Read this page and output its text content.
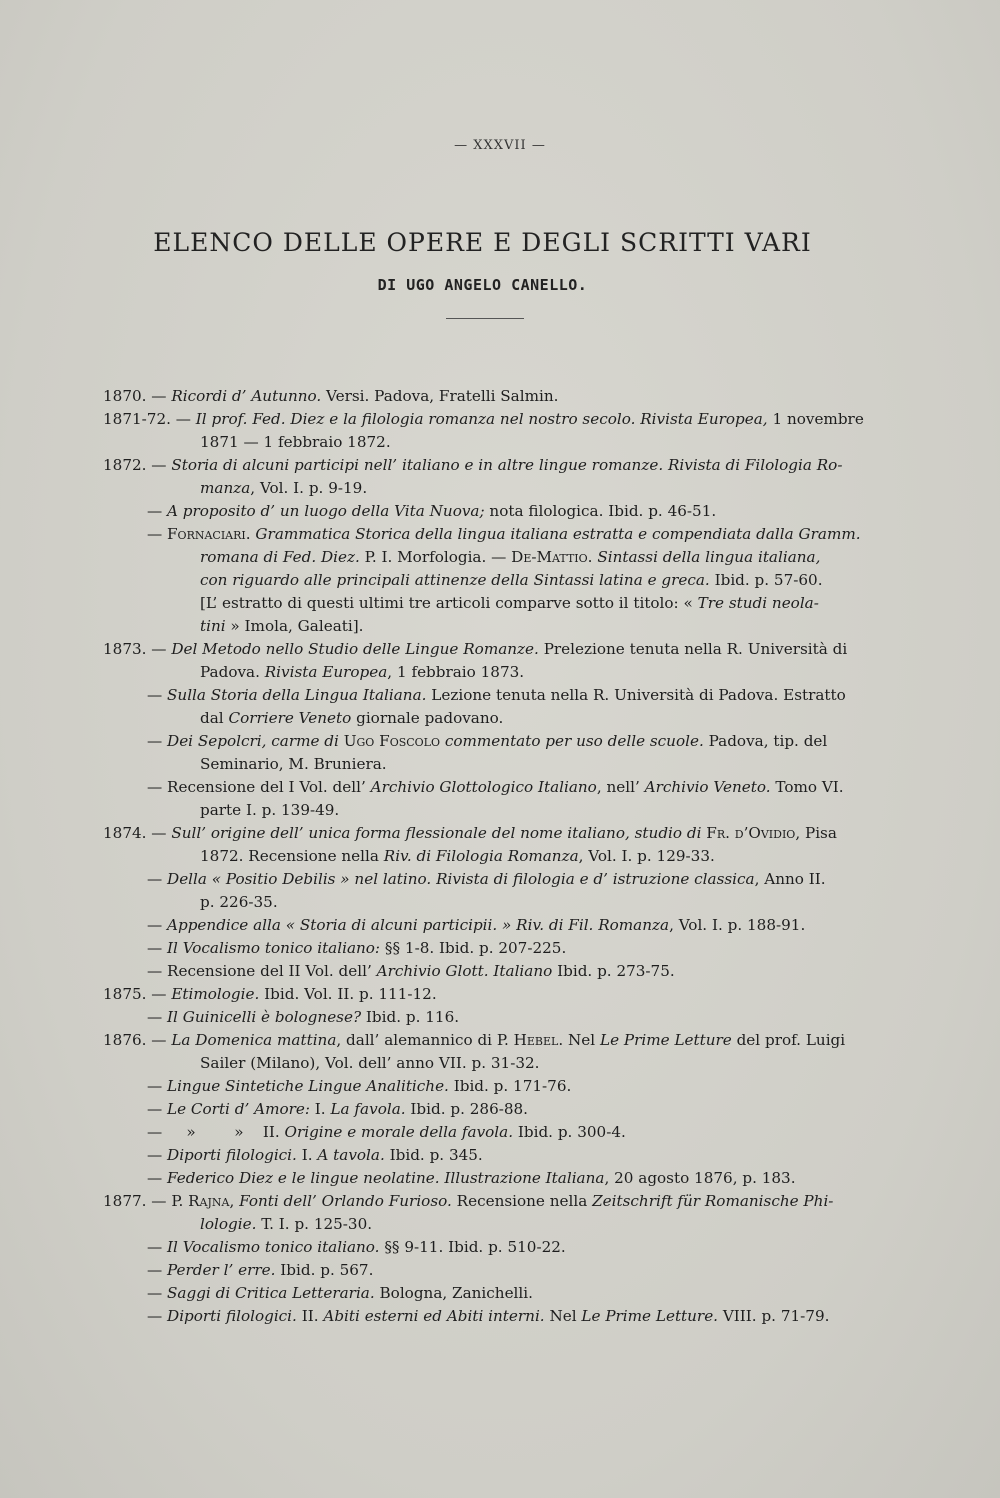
— XXXVII —
ELENCO DELLE OPERE E DEGLI SCRITTI VARI
DI UGO ANGELO CANELLO.
1870. — Ricordi d’ Autunno. Versi. Padova, Fratelli Salmin.
1871-72. — Il prof. Fed. Diez e la filologia romanza nel nostro secolo. Rivista Europea, 1 novembre
1871 — 1 febbraio 1872.
1872. — Storia di alcuni participi nell’ italiano e in altre lingue romanze. Rivista di Filologia Ro-
manza, Vol. I. p. 9-19.
— A proposito d’ un luogo della Vita Nuova; nota filologica. Ibid. p. 46-51.
— Fornaciari. Grammatica Storica della lingua italiana estratta e compendiata dalla Gramm.
romana di Fed. Diez. P. I. Morfologia. — De-Mattio. Sintassi della lingua italiana,
con riguardo alle principali attinenze della Sintassi latina e greca. Ibid. p. 57-60.
[L’ estratto di questi ultimi tre articoli comparve sotto il titolo: « Tre studi neola-
tini » Imola, Galeati].
1873. — Del Metodo nello Studio delle Lingue Romanze. Prelezione tenuta nella R. Università di
Padova. Rivista Europea, 1 febbraio 1873.
— Sulla Storia della Lingua Italiana. Lezione tenuta nella R. Università di Padova. Estratto
dal Corriere Veneto giornale padovano.
— Dei Sepolcri, carme di Ugo Foscolo commentato per uso delle scuole. Padova, tip. del
Seminario, M. Bruniera.
— Recensione del I Vol. dell’ Archivio Glottologico Italiano, nell’ Archivio Veneto. Tomo VI.
parte I. p. 139-49.
1874. — Sull’ origine dell’ unica forma flessionale del nome italiano, studio di Fr. d’Ovidio, Pisa
1872. Recensione nella Riv. di Filologia Romanza, Vol. I. p. 129-33.
— Della « Positio Debilis » nel latino. Rivista di filologia e d’ istruzione classica, Anno II.
p. 226-35.
— Appendice alla « Storia di alcuni participii. » Riv. di Fil. Romanza, Vol. I. p. 188-91.
— Il Vocalismo tonico italiano: §§ 1-8. Ibid. p. 207-225.
— Recensione del II Vol. dell’ Archivio Glott. Italiano Ibid. p. 273-75.
1875. — Etimologie. Ibid. Vol. II. p. 111-12.
— Il Guinicelli è bolognese? Ibid. p. 116.
1876. — La Domenica mattina, dall’ alemannico di P. Hebel. Nel Le Prime Letture del prof. Luigi
Sailer (Milano), Vol. dell’ anno VII. p. 31-32.
— Lingue Sintetiche Lingue Analitiche. Ibid. p. 171-76.
— Le Corti d’ Amore: I. La favola. Ibid. p. 286-88.
—     »        »    II. Origine e morale della favola. Ibid. p. 300-4.
— Diporti filologici. I. A tavola. Ibid. p. 345.
— Federico Diez e le lingue neolatine. Illustrazione Italiana, 20 agosto 1876, p. 183.
1877. — P. Rajna, Fonti dell’ Orlando Furioso. Recensione nella Zeitschrift für Romanische Phi-
lologie. T. I. p. 125-30.
— Il Vocalismo tonico italiano. §§ 9-11. Ibid. p. 510-22.
— Perder l’ erre. Ibid. p. 567.
— Saggi di Critica Letteraria. Bologna, Zanichelli.
— Diporti filologici. II. Abiti esterni ed Abiti interni. Nel Le Prime Letture. VIII. p. 71-79.
